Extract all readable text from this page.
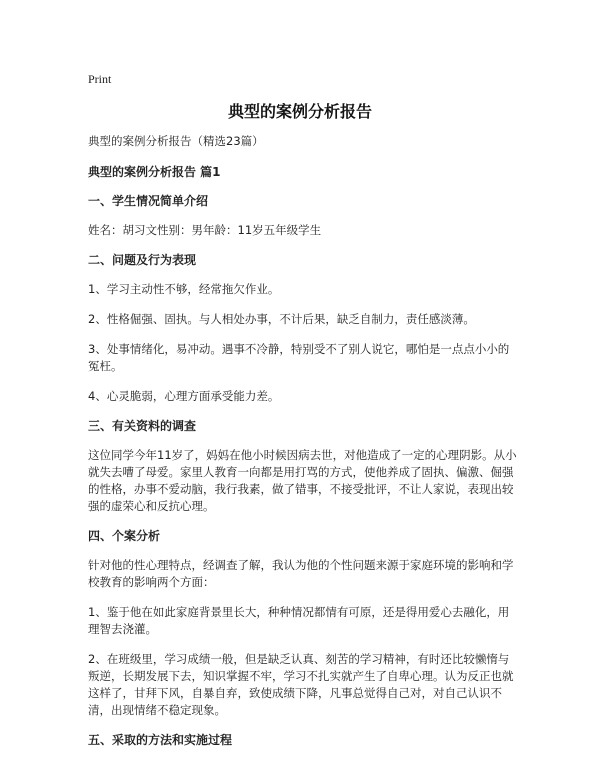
Print
典型的案例分析报告

典型的案例分析报告（精选23篇）

典型的案例分析报告 篇1

一、学生情况简单介绍

姓名：胡习文性别：男年龄：11岁五年级学生

二、问题及行为表现

1、学习主动性不够，经常拖欠作业。

2、性格倔强、固执。与人相处办事，不计后果，缺乏自制力，责任感淡薄。

3、处事情绪化，易冲动。遇事不冷静，特别受不了别人说它，哪怕是一点点小小的冤枉。

4、心灵脆弱，心理方面承受能力差。

三、有关资料的调查

这位同学今年11岁了，妈妈在他小时候因病去世，对他造成了一定的心理阴影。从小就失去嘈了母爱。家里人教育一向都是用打骂的方式，使他养成了固执、偏激、倔强的性格，办事不爱动脑，我行我素，做了错事，不接受批评，不让人家说，表现出较强的虚荣心和反抗心理。

四、个案分析

针对他的性心理特点，经调查了解，我认为他的个性问题来源于家庭环境的影响和学校教育的影响两个方面：

1、鉴于他在如此家庭背景里长大，种种情况都情有可原，还是得用爱心去融化，用理智去浇灌。

2、在班级里，学习成绩一般，但是缺乏认真、刻苦的学习精神，有时还比较懒惰与叛逆，长期发展下去，知识掌握不牢，学习不扎实就产生了自卑心理。认为反正也就这样了，甘拜下风，自暴自弃，致使成绩下降，凡事总觉得自己对，对自己认识不清，出现情绪不稳定现象。

五、采取的方法和实施过程
